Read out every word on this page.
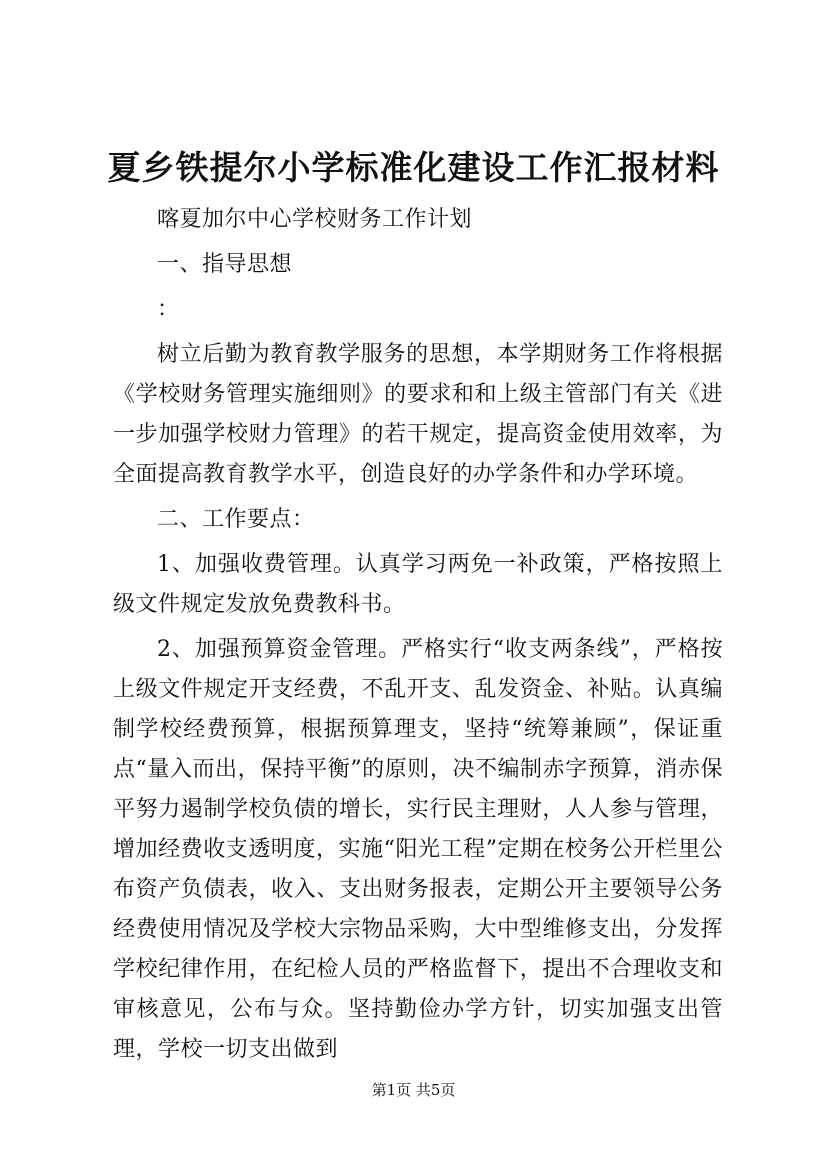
夏乡铁提尔小学标准化建设工作汇报材料
喀夏加尔中心学校财务工作计划
一、指导思想
：

树立后勤为教育教学服务的思想，本学期财务工作将根据《学校财务管理实施细则》的要求和和上级主管部门有关《进一步加强学校财力管理》的若干规定，提高资金使用效率，为全面提高教育教学水平，创造良好的办学条件和办学环境。

二、工作要点：

1、加强收费管理。认真学习两免一补政策，严格按照上级文件规定发放免费教科书。

2、加强预算资金管理。严格实行“收支两条线”，严格按上级文件规定开支经费，不乱开支、乱发资金、补贴。认真编制学校经费预算，根据预算理支，坚持“统筹兼顾”，保证重点“量入而出，保持平衡”的原则，决不编制赤字预算，消赤保平努力遏制学校负债的增长，实行民主理财，人人参与管理，增加经费收支透明度，实施“阳光工程”定期在校务公开栏里公布资产负债表，收入、支出财务报表，定期公开主要领导公务经费使用情况及学校大宗物品采购，大中型维修支出，分发挥学校纪律作用，在纪检人员的严格监督下，提出不合理收支和审核意见，公布与众。坚持勤俭办学方针，切实加强支出管理，学校一切支出做到

第1页 共5页
